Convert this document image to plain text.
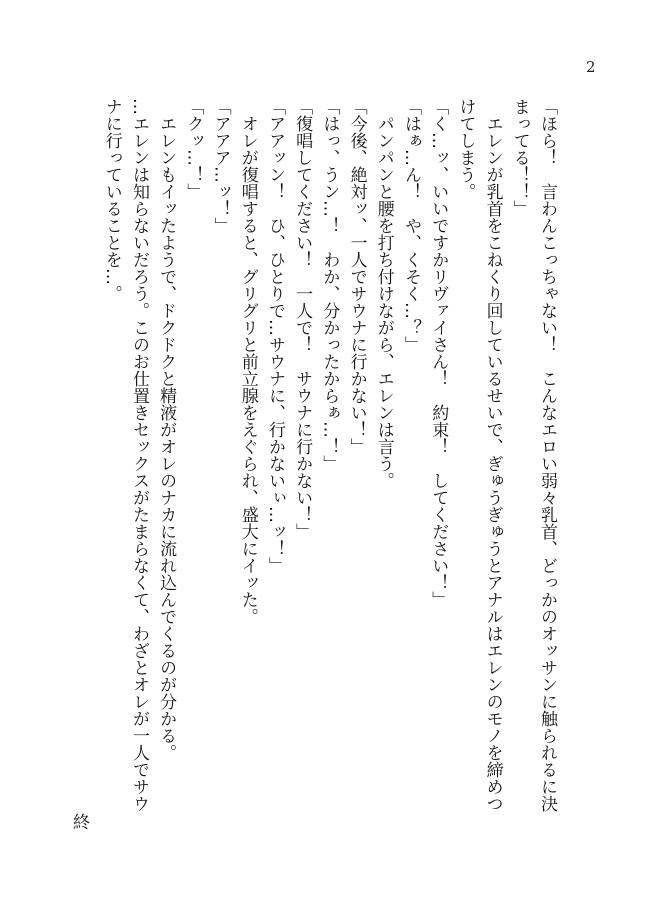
2
「ほら！　言わんこっちゃない！　こんなエロい弱々乳首、どっかのオッサンに触られるに決
まってる！！」
　エレンが乳首をこねくり回しているせいで、ぎゅうぎゅうとアナルはエレンのモノを締めつ
けてしまう。
「く…ッ、いいですかリヴァイさん！　約束！　してください！」
「はぁ…ん！　や、くそく…？」
　パンパンと腰を打ち付けながら、エレンは言う。
「今後、絶対ッ、一人でサウナに行かない！」
「はっ、うン…！　わか、分かったからぁ…！」
「復唱してください！　一人で！　サウナに行かない！」
「アアッン！　ひ、ひとりで…サウナに、行かないぃ…ッ！」
　オレが復唱すると、グリグリと前立腺をえぐられ、盛大にイッた。
「アアア…ッ！」
「クッ…！」
　エレンもイッたようで、ドクドクと精液がオレのナカに流れ込んでくるのが分かる。
…エレンは知らないだろう。このお仕置きセックスがたまらなくて、わざとオレが一人でサウ
ナに行っていることを…。
終
